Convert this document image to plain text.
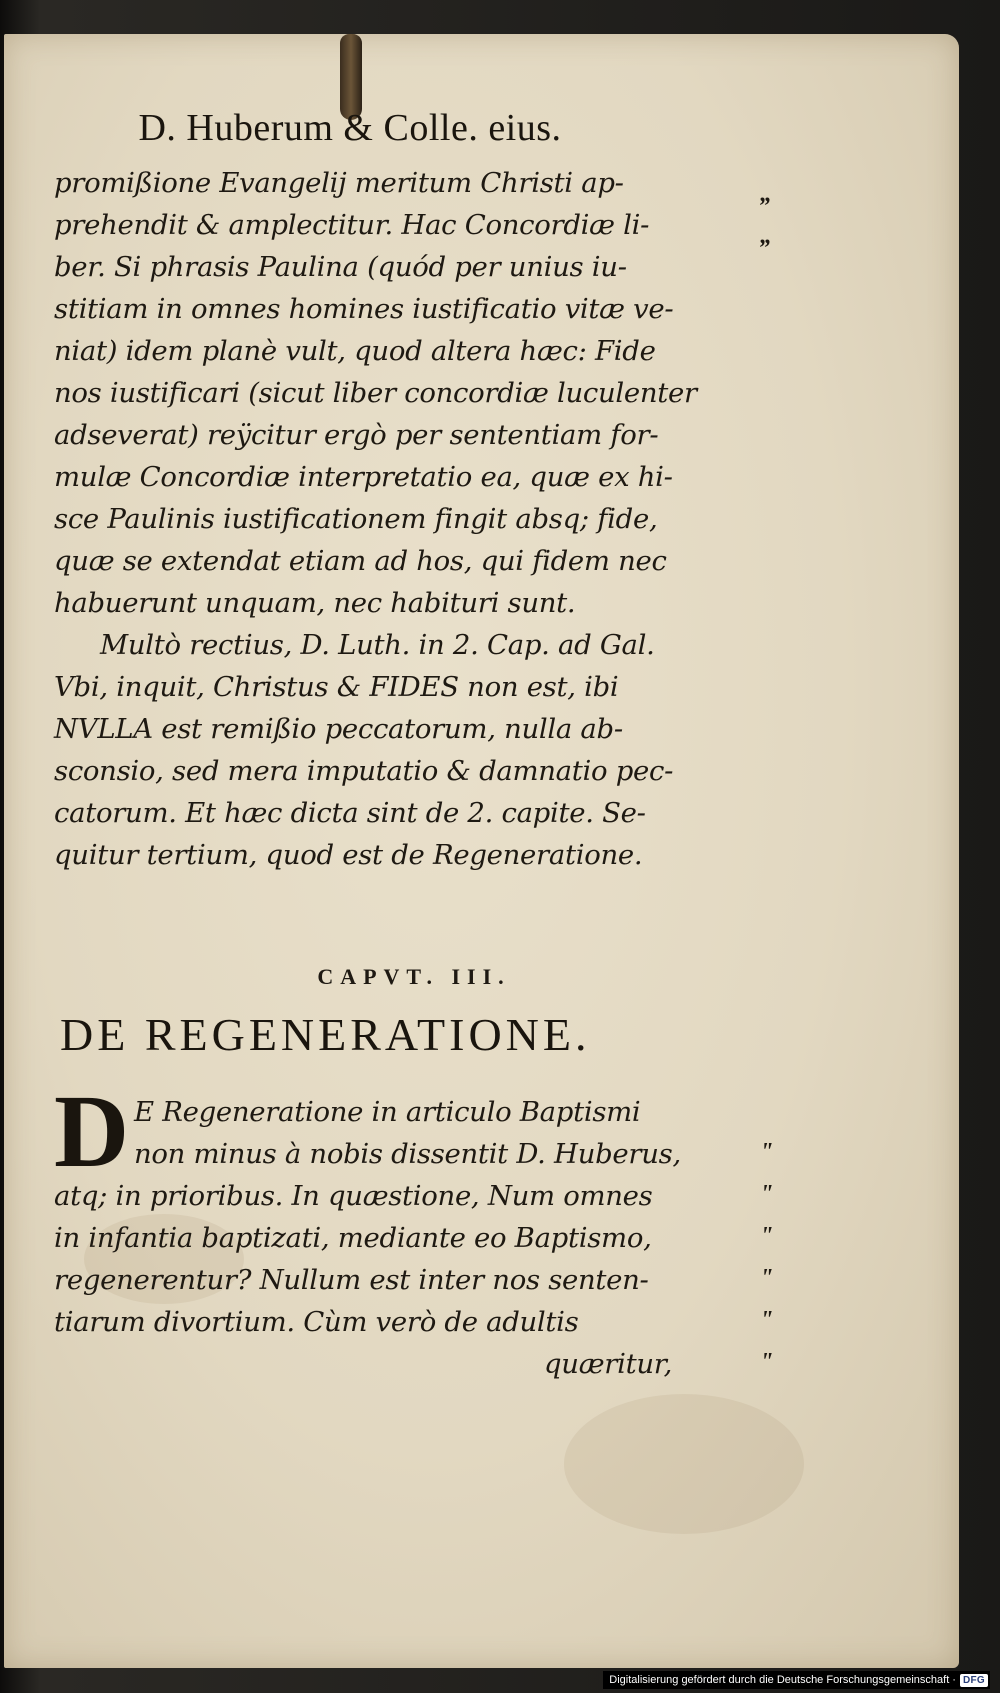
D. Huberum & Colle. eius.
promißione Evangelij meritum Christi ap-
prehendit & amplectitur. Hac Concordiæ li-
ber. Si phrasis Paulina (quód per unius iu-
stitiam in omnes homines iustificatio vitæ ve-
niat) idem planè vult, quod altera hæc: Fide
nos iustificari (sicut liber concordiæ luculenter
adseverat) reÿcitur ergò per sententiam for-
mulæ Concordiæ interpretatio ea, quæ ex hi-
sce Paulinis iustificationem fingit absq; fide,
quæ se extendat etiam ad hos, qui fidem nec
habuerunt unquam, nec habituri sunt.
Multò rectius, D. Luth. in 2. Cap. ad Gal.
Vbi, inquit, Christus & FIDES non est, ibi
NVLLA est remißio peccatorum, nulla ab-
sconsio, sed mera imputatio & damnatio pec-
catorum. Et hæc dicta sint de 2. capite. Se-
quitur tertium, quod est de Regeneratione.
CAPVT. III.
DE REGENERATIONE.
D E Regeneratione in articulo Baptismi
non minus à nobis dissentit D. Huberus,
atq; in prioribus. In quæstione, Num omnes
in infantia baptizati, mediante eo Baptismo,
regenerentur? Nullum est inter nos senten-
tiarum divortium. Cùm verò de adultis
quæritur,
„
„
"
"
"
"
"
"
Digitalisierung gefördert durch die Deutsche Forschungsgemeinschaft · DFG
